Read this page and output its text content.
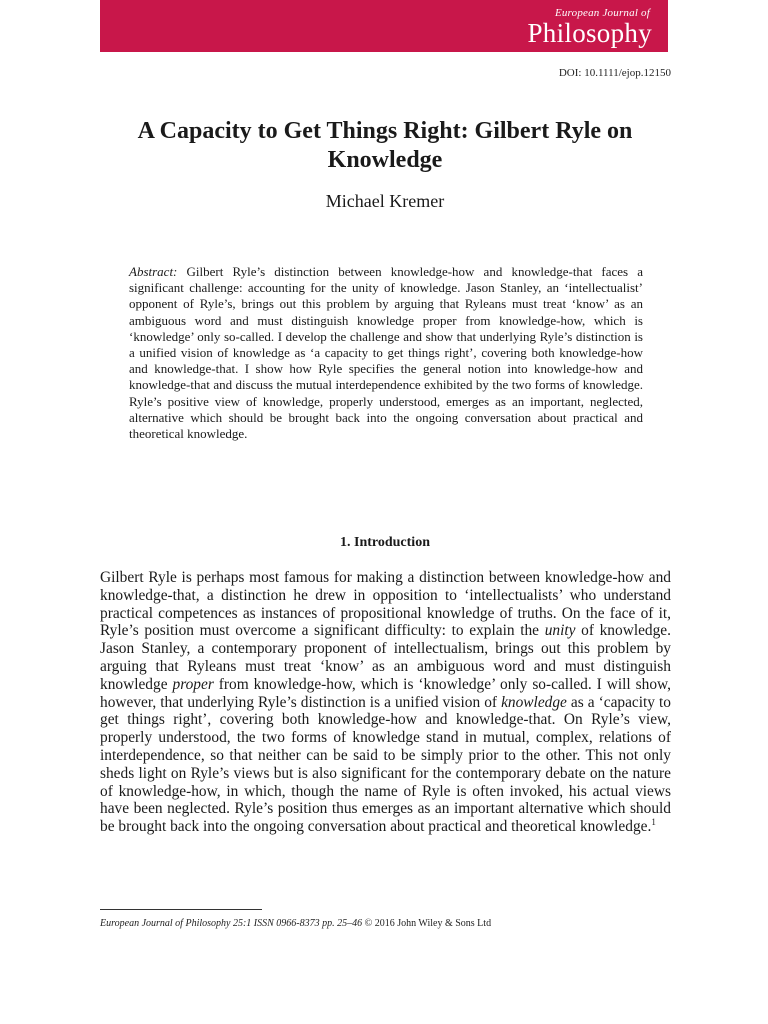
European Journal of
Philosophy
DOI: 10.1111/ejop.12150
A Capacity to Get Things Right: Gilbert Ryle on Knowledge
Michael Kremer

Abstract: Gilbert Ryle’s distinction between knowledge-how and knowledge-that faces a significant challenge: accounting for the unity of knowledge. Jason Stanley, an ‘intellectualist’ opponent of Ryle’s, brings out this problem by arguing that Ryleans must treat ‘know’ as an ambiguous word and must distinguish knowledge proper from knowledge-how, which is ‘knowledge’ only so-called. I develop the challenge and show that underlying Ryle’s distinction is a unified vision of knowledge as ‘a capacity to get things right’, covering both knowledge-how and knowledge-that. I show how Ryle specifies the general notion into knowledge-how and knowledge-that and discuss the mutual interdependence exhibited by the two forms of knowledge. Ryle’s positive view of knowledge, properly understood, emerges as an important, neglected, alternative which should be brought back into the ongoing conversation about practical and theoretical knowledge.

1. Introduction

Gilbert Ryle is perhaps most famous for making a distinction between knowledge-how and knowledge-that, a distinction he drew in opposition to ‘intellectualists’ who understand practical competences as instances of propositional knowledge of truths. On the face of it, Ryle’s position must overcome a significant difficulty: to explain the unity of knowledge. Jason Stanley, a contemporary proponent of intellectualism, brings out this problem by arguing that Ryleans must treat ‘know’ as an ambiguous word and must distinguish knowledge proper from knowledge-how, which is ‘knowledge’ only so-called. I will show, however, that underlying Ryle’s distinction is a unified vision of knowledge as a ‘capacity to get things right’, covering both knowledge-how and knowledge-that. On Ryle’s view, properly understood, the two forms of knowledge stand in mutual, complex, relations of interdependence, so that neither can be said to be simply prior to the other. This not only sheds light on Ryle’s views but is also significant for the contemporary debate on the nature of knowledge-how, in which, though the name of Ryle is often invoked, his actual views have been neglected. Ryle’s position thus emerges as an important alternative which should be brought back into the ongoing conversation about practical and theoretical knowledge.$^1$

European Journal of Philosophy 25:1 ISSN 0966-8373 pp. 25–46 © 2016 John Wiley & Sons Ltd
